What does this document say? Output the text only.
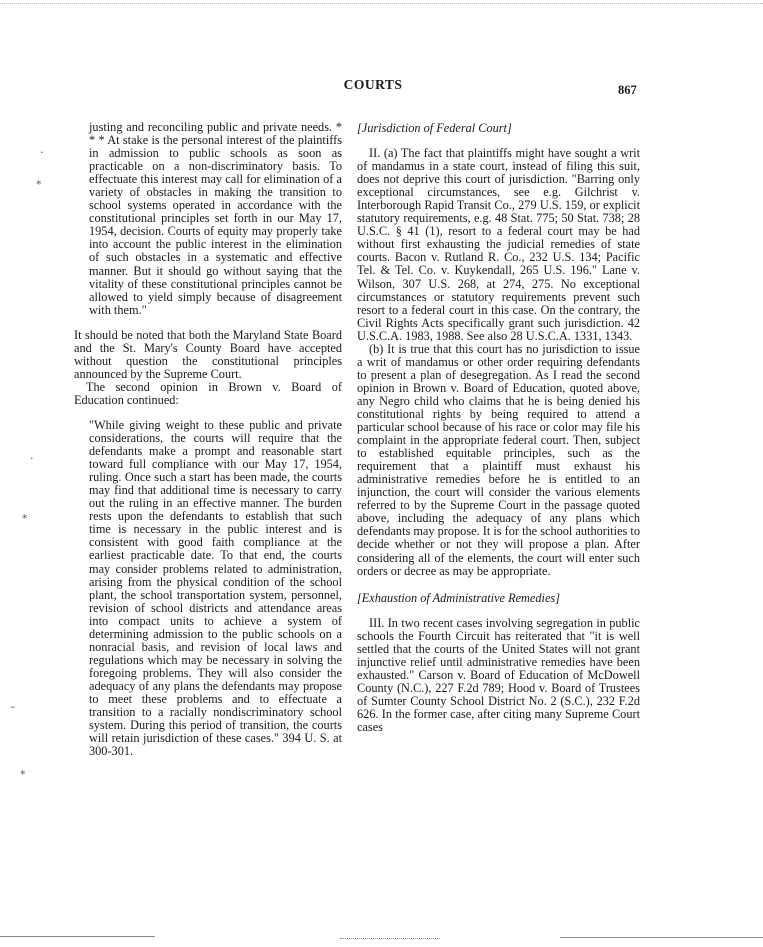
COURTS	867

justing and reconciling public and private needs. * * * At stake is the personal interest of the plaintiffs in admission to public schools as soon as practicable on a non-discriminatory basis. To effectuate this interest may call for elimination of a variety of obstacles in making the transition to school systems operated in accordance with the constitutional principles set forth in our May 17, 1954, decision. Courts of equity may properly take into account the public interest in the elimination of such obstacles in a systematic and effective manner. But it should go without saying that the vitality of these constitutional principles cannot be allowed to yield simply because of disagreement with them."

It should be noted that both the Maryland State Board and the St. Mary's County Board have accepted without question the constitutional principles announced by the Supreme Court.

The second opinion in Brown v. Board of Education continued:

"While giving weight to these public and private considerations, the courts will require that the defendants make a prompt and reasonable start toward full compliance with our May 17, 1954, ruling. Once such a start has been made, the courts may find that additional time is necessary to carry out the ruling in an effective manner. The burden rests upon the defendants to establish that such time is necessary in the public interest and is consistent with good faith compliance at the earliest practicable date. To that end, the courts may consider problems related to administration, arising from the physical condition of the school plant, the school transportation system, personnel, revision of school districts and attendance areas into compact units to achieve a system of determining admission to the public schools on a nonracial basis, and revision of local laws and regulations which may be necessary in solving the foregoing problems. They will also consider the adequacy of any plans the defendants may propose to meet these problems and to effectuate a transition to a racially nondiscriminatory school system. During this period of transition, the courts will retain jurisdiction of these cases." 394 U. S. at 300-301.

[Jurisdiction of Federal Court]

II. (a) The fact that plaintiffs might have sought a writ of mandamus in a state court, instead of filing this suit, does not deprive this court of jurisdiction. "Barring only exceptional circumstances, see e.g. Gilchrist v. Interborough Rapid Transit Co., 279 U.S. 159, or explicit statutory requirements, e.g. 48 Stat. 775; 50 Stat. 738; 28 U.S.C. § 41 (1), resort to a federal court may be had without first exhausting the judicial remedies of state courts. Bacon v. Rutland R. Co., 232 U.S. 134; Pacific Tel. & Tel. Co. v. Kuykendall, 265 U.S. 196." Lane v. Wilson, 307 U.S. 268, at 274, 275. No exceptional circumstances or statutory requirements prevent such resort to a federal court in this case. On the contrary, the Civil Rights Acts specifically grant such jurisdiction. 42 U.S.C.A. 1983, 1988. See also 28 U.S.C.A. 1331, 1343.

(b) It is true that this court has no jurisdiction to issue a writ of mandamus or other order requiring defendants to present a plan of desegregation. As I read the second opinion in Brown v. Board of Education, quoted above, any Negro child who claims that he is being denied his constitutional rights by being required to attend a particular school because of his race or color may file his complaint in the appropriate federal court. Then, subject to established equitable principles, such as the requirement that a plaintiff must exhaust his administrative remedies before he is entitled to an injunction, the court will consider the various elements referred to by the Supreme Court in the passage quoted above, including the adequacy of any plans which defendants may propose. It is for the school authorities to decide whether or not they will propose a plan. After considering all of the elements, the court will enter such orders or decree as may be appropriate.

[Exhaustion of Administrative Remedies]

III. In two recent cases involving segregation in public schools the Fourth Circuit has reiterated that "it is well settled that the courts of the United States will not grant injunctive relief until administrative remedies have been exhausted." Carson v. Board of Education of McDowell County (N.C.), 227 F.2d 789; Hood v. Board of Trustees of Sumter County School District No. 2 (S.C.), 232 F.2d 626. In the former case, after citing many Supreme Court cases

·
*
·
*
–
*
